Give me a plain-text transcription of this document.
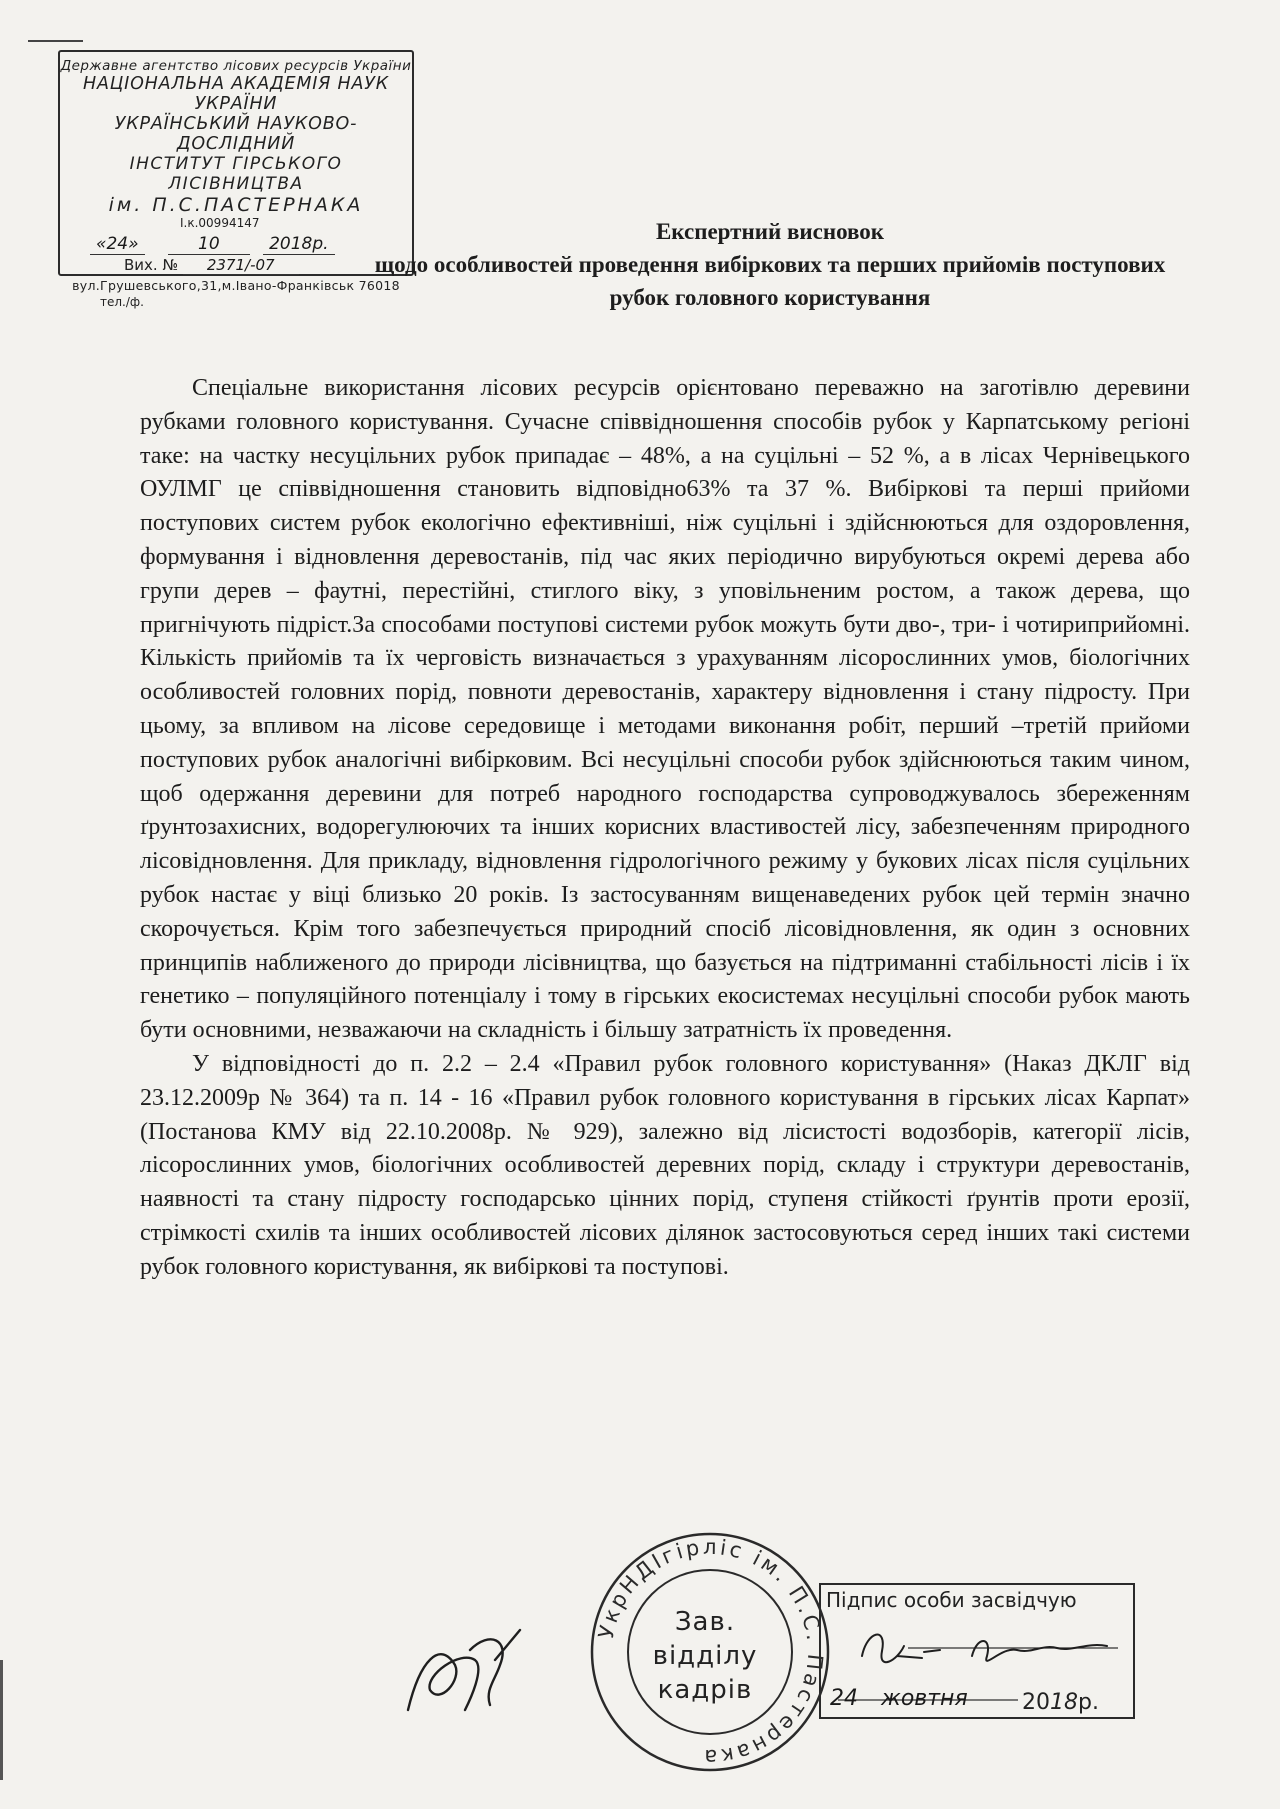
Державне агентство лісових ресурсів України
НАЦІОНАЛЬНА АКАДЕМІЯ НАУК УКРАЇНИ
УКРАЇНСЬКИЙ НАУКОВО-ДОСЛІДНИЙ
ІНСТИТУТ ГІРСЬКОГО ЛІСІВНИЦТВА
ім. П.С.ПАСТЕРНАКА
І.к.00994147
«24»	10	2018р.
Вих. № 2371/-07
вул.Грушевського,31,м.Івано-Франківськ 76018
тел./ф.
Експертний висновок
щодо особливостей проведення вибіркових та перших прийомів поступових
рубок головного користування

Спеціальне використання лісових ресурсів орієнтовано переважно на заготівлю деревини рубками головного користування. Сучасне співвідношення способів рубок у Карпатському регіоні таке: на частку несуцільних рубок припадає – 48%, а на суцільні – 52 %, а в лісах Чернівецького ОУЛМГ це співвідношення становить відповідно63% та 37 %. Вибіркові та перші прийоми поступових систем рубок екологічно ефективніші, ніж суцільні і здійснюються для оздоровлення, формування і відновлення деревостанів, під час яких періодично вирубуються окремі дерева або групи дерев – фаутні, перестійні, стиглого віку, з уповільненим ростом, а також дерева, що пригнічують підріст.За способами поступові системи рубок можуть бути дво-, три- і чотириприйомні. Кількість прийомів та їх черговість визначається з урахуванням лісорослинних умов, біологічних особливостей головних порід, повноти деревостанів, характеру відновлення і стану підросту. При цьому, за впливом на лісове середовище і методами виконання робіт, перший –третій прийоми поступових рубок аналогічні вибірковим. Всі несуцільні способи рубок здійснюються таким чином, щоб одержання деревини для потреб народного господарства супроводжувалось збереженням ґрунтозахисних, водорегулюючих та інших корисних властивостей лісу, забезпеченням природного лісовідновлення. Для прикладу, відновлення гідрологічного режиму у букових лісах після суцільних рубок настає у віці близько 20 років. Із застосуванням вищенаведених рубок цей термін значно скорочується. Крім того забезпечується природний спосіб лісовідновлення, як один з основних принципів наближеного до природи лісівництва, що базується на підтриманні стабільності лісів і їх генетико – популяційного потенціалу і тому в гірських екосистемах несуцільні способи рубок мають бути основними, незважаючи на складність і більшу затратність їх проведення.

У відповідності до п. 2.2 – 2.4 «Правил рубок головного користування» (Наказ ДКЛГ від 23.12.2009р № 364) та п. 14 - 16 «Правил рубок головного користування в гірських лісах Карпат» (Постанова КМУ від 22.10.2008р. № 929), залежно від лісистості водозборів, категорії лісів, лісорослинних умов, біологічних особливостей деревних порід, складу і структури деревостанів, наявності та стану підросту господарсько цінних порід, ступеня стійкості ґрунтів проти ерозії, стрімкості схилів та інших особливостей лісових ділянок застосовуються серед інших такі системи рубок головного користування, як вибіркові та поступові.

УкрНДІгірліс ім. П.С. Пастернака
Зав.
відділу
кадрів
Підпис особи засвідчую
24 жовтня 2018р.
